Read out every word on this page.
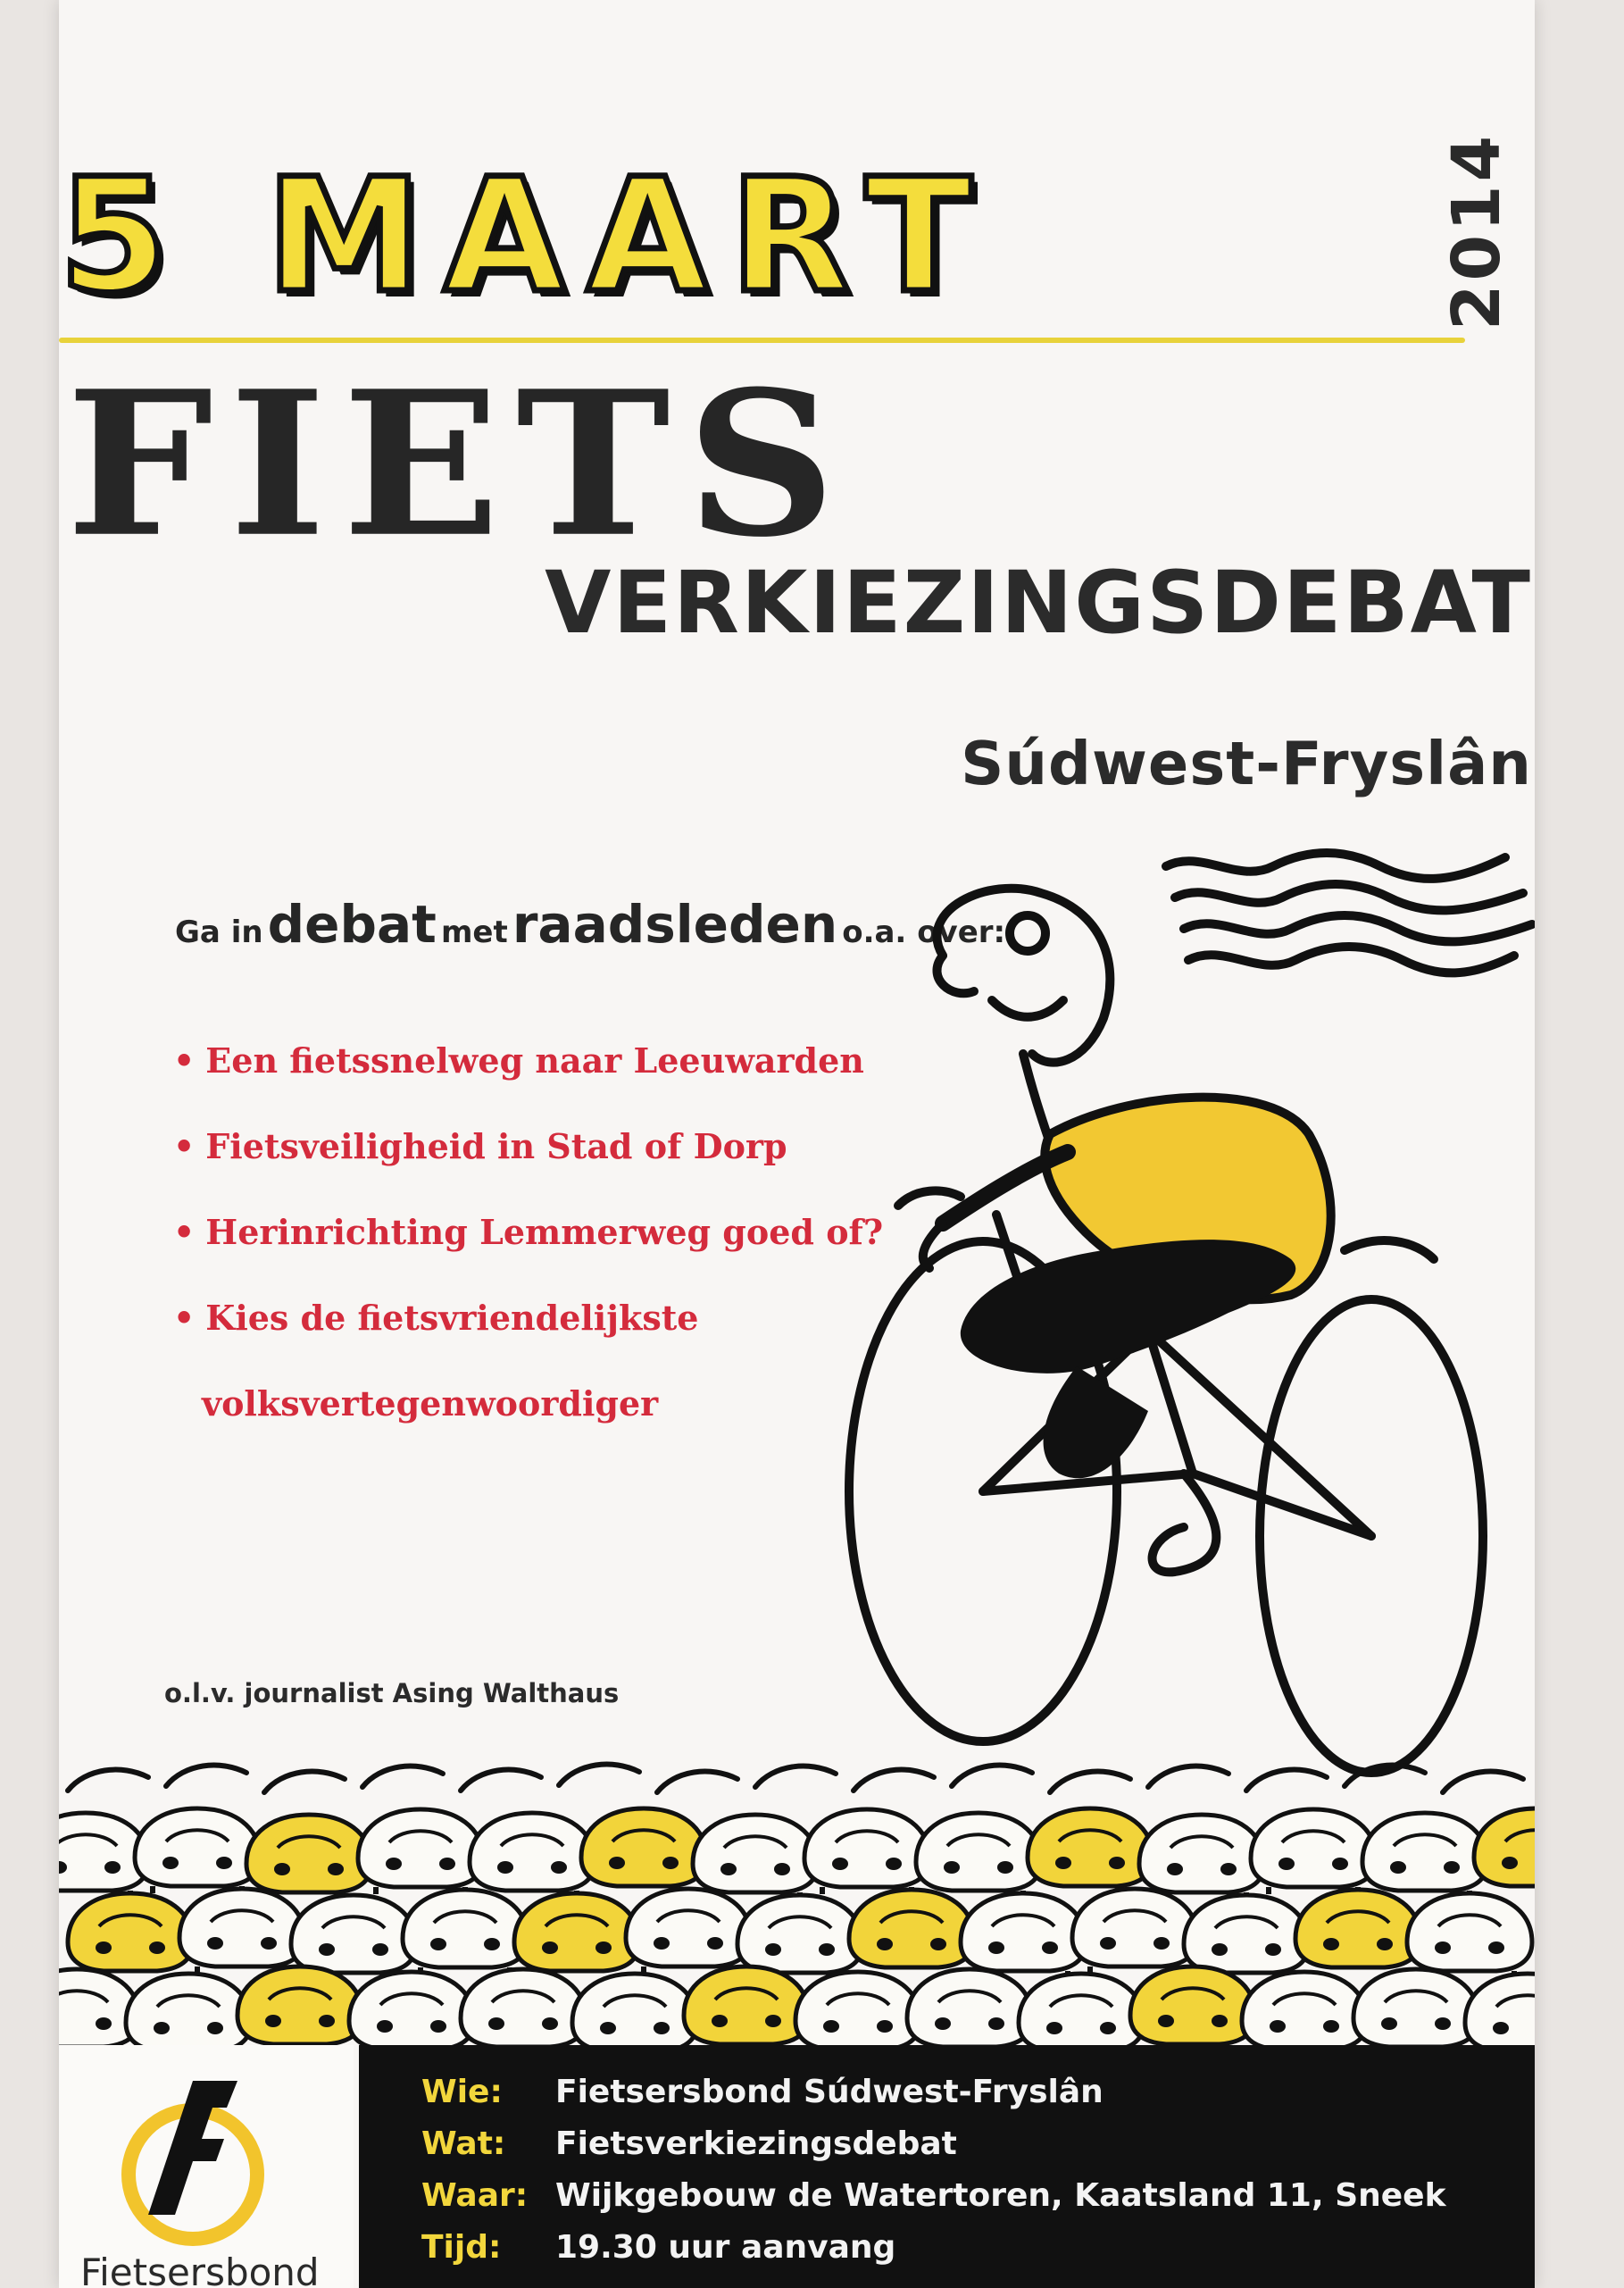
5 MAART	2014
FIETS
VERKIEZINGSDEBAT
Súdwest-Fryslân
Ga in debat met raadsleden o.a. over:
• Een fietssnelweg naar Leeuwarden
• Fietsveiligheid in Stad of Dorp
• Herinrichting Lemmerweg goed of?
• Kies de fietsvriendelijkste
volksvertegenwoordiger
o.l.v. journalist Asing Walthaus
Fietsersbond
Wie: Fietsersbond Súdwest-Fryslân
Wat: Fietsverkiezingsdebat
Waar: Wijkgebouw de Watertoren, Kaatsland 11, Sneek
Tijd: 19.30 uur aanvang
